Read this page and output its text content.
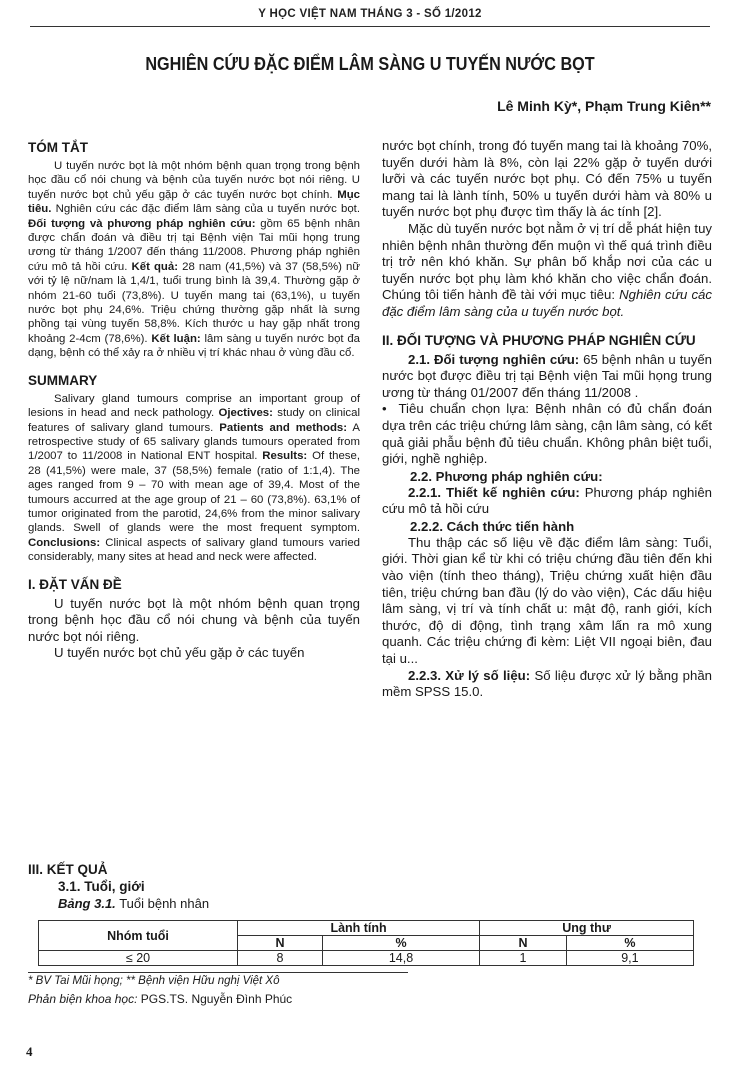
Y HỌC VIỆT NAM THÁNG 3 - SỐ 1/2012
NGHIÊN CỨU ĐẶC ĐIỂM LÂM SÀNG U TUYẾN NƯỚC BỌT
Lê Minh Kỳ*, Phạm Trung Kiên**
TÓM TẮT

U tuyến nước bọt là một nhóm bệnh quan trọng trong bệnh học đầu cổ nói chung và bệnh của tuyến nước bọt nói riêng. U tuyến nước bọt chủ yếu gặp ở các tuyến nước bọt chính. Mục tiêu. Nghiên cứu các đặc điểm lâm sàng của u tuyến nước bọt. Đối tượng và phương pháp nghiên cứu: gồm 65 bệnh nhân được chẩn đoán và điều trị tại Bệnh viện Tai mũi họng trung ương từ tháng 1/2007 đến tháng 11/2008. Phương pháp nghiên cứu mô tả hồi cứu. Kết quả: 28 nam (41,5%) và 37 (58,5%) nữ với tỷ lệ nữ/nam là 1,4/1, tuổi trung bình là 39,4. Thường gặp ở nhóm 21-60 tuổi (73,8%). U tuyến mang tai (63,1%), u tuyến nước bọt phụ 24,6%. Triệu chứng thường gặp nhất là sưng phồng tại vùng tuyến 58,8%. Kích thước u hay gặp nhất trong khoảng 2-4cm (78,6%). Kết luận: lâm sàng u tuyến nước bọt đa dạng, bệnh có thể xảy ra ở nhiều vị trí khác nhau ở vùng đầu cổ.

SUMMARY

Salivary gland tumours comprise an important group of lesions in head and neck pathology. Ojectives: study on clinical features of salivary gland tumours. Patients and methods: A retrospective study of 65 salivary glands tumours operated from 1/2007 to 11/2008 in National ENT hospital. Results: Of these, 28 (41,5%) were male, 37 (58,5%) female (ratio of 1:1,4). The ages ranged from 9 – 70 with mean age of 39,4. Most of the tumours accurred at the age group of 21 – 60 (73,8%). 63,1% of tumor originated from the parotid, 24,6% from the minor salivary glands. Swell of glands were the most frequent symptom. Conclusions: Clinical aspects of salivary gland tumours varied considerably, many sites at head and neck were affected.

I. ĐẶT VẤN ĐỀ

U tuyến nước bọt là một nhóm bệnh quan trọng trong bệnh học đầu cổ nói chung và bệnh của tuyến nước bọt nói riêng.

U tuyến nước bọt chủ yếu gặp ở các tuyến

nước bọt chính, trong đó tuyến mang tai là khoảng 70%, tuyến dưới hàm là 8%, còn lại 22% gặp ở tuyến dưới lưỡi và các tuyến nước bọt phụ. Có đến 75% u tuyến mang tai là lành tính, 50% u tuyến dưới hàm và 80% u tuyến nước bọt phụ được tìm thấy là ác tính [2].

Mặc dù tuyến nước bọt nằm ở vị trí dễ phát hiện tuy nhiên bệnh nhân thường đến muộn vì thế quá trình điều trị trở nên khó khăn. Sự phân bố khắp nơi của các u tuyến nước bọt phụ làm khó khăn cho việc chẩn đoán. Chúng tôi tiến hành đề tài với mục tiêu: Nghiên cứu các đặc điểm lâm sàng của u tuyến nước bọt.

II. ĐỐI TƯỢNG VÀ PHƯƠNG PHÁP NGHIÊN CỨU

2.1. Đối tượng nghiên cứu: 65 bệnh nhân u tuyến nước bọt được điều trị tại Bệnh viện Tai mũi họng trung ương từ tháng 01/2007 đến tháng 11/2008 .

• Tiêu chuẩn chọn lựa: Bệnh nhân có đủ chẩn đoán dựa trên các triệu chứng lâm sàng, cận lâm sàng, có kết quả giải phẫu bệnh đủ tiêu chuẩn. Không phân biệt tuổi, giới, nghề nghiệp.

2.2. Phương pháp nghiên cứu:

2.2.1. Thiết kế nghiên cứu: Phương pháp nghiên cứu mô tả hồi cứu

2.2.2. Cách thức tiến hành

Thu thập các số liệu về đặc điểm lâm sàng: Tuổi, giới. Thời gian kể từ khi có triệu chứng đầu tiên đến khi vào viện (tính theo tháng), Triệu chứng xuất hiện đầu tiên, triệu chứng ban đầu (lý do vào viện), Các dấu hiệu lâm sàng, vị trí và tính chất u: mật độ, ranh giới, kích thước, độ di động, tình trạng xâm lấn ra mô xung quanh. Các triệu chứng đi kèm: Liệt VII ngoại biên, đau tại u...

2.2.3. Xử lý số liệu: Số liệu được xử lý bằng phần mềm SPSS 15.0.

III. KẾT QUẢ

3.1. Tuổi, giới

Bảng 3.1. Tuổi bệnh nhân

Nhóm tuổi	Lành tính		Ung thư	
	N	%	N	%
≤ 20	8	14,8	1	9,1
* BV Tai Mũi họng; ** Bệnh viện Hữu nghị Việt Xô
Phản biện khoa học: PGS.TS. Nguyễn Đình Phúc
4
